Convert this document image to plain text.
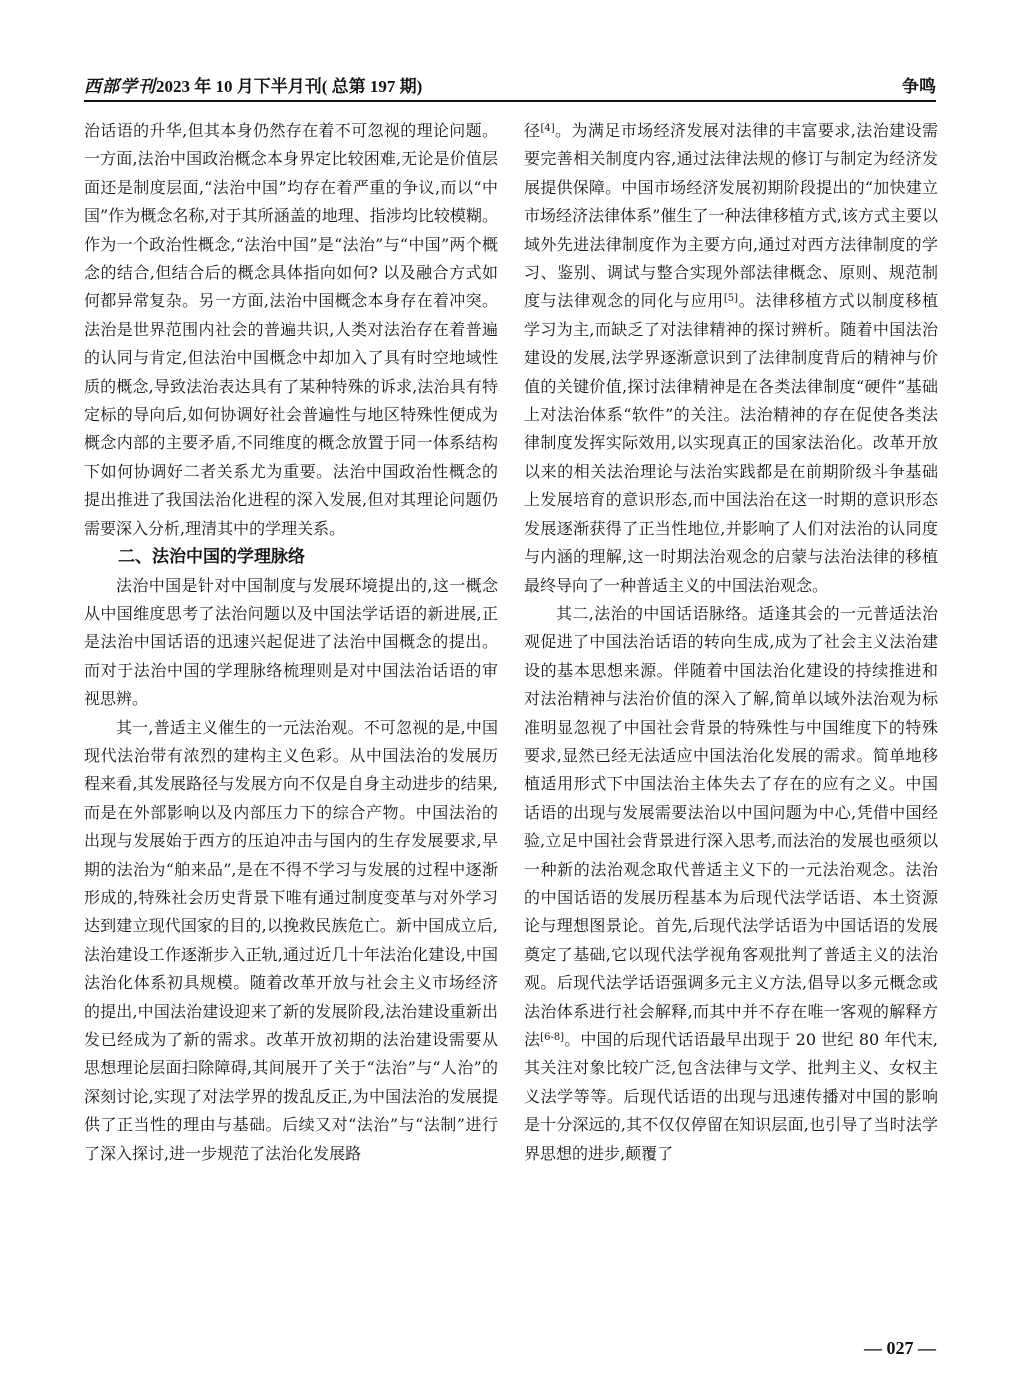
西部学刊 2023 年 10 月下半月刊( 总第 197 期)	争鸣

治话语的升华,但其本身仍然存在着不可忽视的理论问题。一方面,法治中国政治概念本身界定比较困难,无论是价值层面还是制度层面,“法治中国”均存在着严重的争议,而以“中国”作为概念名称,对于其所涵盖的地理、指涉均比较模糊。作为一个政治性概念,“法治中国”是“法治”与“中国”两个概念的结合,但结合后的概念具体指向如何? 以及融合方式如何都异常复杂。另一方面,法治中国概念本身存在着冲突。法治是世界范围内社会的普遍共识,人类对法治存在着普遍的认同与肯定,但法治中国概念中却加入了具有时空地域性质的概念,导致法治表达具有了某种特殊的诉求,法治具有特定标的导向后,如何协调好社会普遍性与地区特殊性便成为概念内部的主要矛盾,不同维度的概念放置于同一体系结构下如何协调好二者关系尤为重要。法治中国政治性概念的提出推进了我国法治化进程的深入发展,但对其理论问题仍需要深入分析,理清其中的学理关系。

二、法治中国的学理脉络

法治中国是针对中国制度与发展环境提出的,这一概念从中国维度思考了法治问题以及中国法学话语的新进展,正是法治中国话语的迅速兴起促进了法治中国概念的提出。而对于法治中国的学理脉络梳理则是对中国法治话语的审视思辨。

其一,普适主义催生的一元法治观。不可忽视的是,中国现代法治带有浓烈的建构主义色彩。从中国法治的发展历程来看,其发展路径与发展方向不仅是自身主动进步的结果,而是在外部影响以及内部压力下的综合产物。中国法治的出现与发展始于西方的压迫冲击与国内的生存发展要求,早期的法治为“舶来品”,是在不得不学习与发展的过程中逐渐形成的,特殊社会历史背景下唯有通过制度变革与对外学习达到建立现代国家的目的,以挽救民族危亡。新中国成立后,法治建设工作逐渐步入正轨,通过近几十年法治化建设,中国法治化体系初具规模。随着改革开放与社会主义市场经济的提出,中国法治建设迎来了新的发展阶段,法治建设重新出发已经成为了新的需求。改革开放初期的法治建设需要从思想理论层面扫除障碍,其间展开了关于“法治”与“人治”的深刻讨论,实现了对法学界的拨乱反正,为中国法治的发展提供了正当性的理由与基础。后续又对“法治”与“法制”进行了深入探讨,进一步规范了法治化发展路

径[4]。为满足市场经济发展对法律的丰富要求,法治建设需要完善相关制度内容,通过法律法规的修订与制定为经济发展提供保障。中国市场经济发展初期阶段提出的“加快建立市场经济法律体系”催生了一种法律移植方式,该方式主要以域外先进法律制度作为主要方向,通过对西方法律制度的学习、鉴别、调试与整合实现外部法律概念、原则、规范制度与法律观念的同化与应用[5]。法律移植方式以制度移植学习为主,而缺乏了对法律精神的探讨辨析。随着中国法治建设的发展,法学界逐渐意识到了法律制度背后的精神与价值的关键价值,探讨法律精神是在各类法律制度“硬件”基础上对法治体系“软件”的关注。法治精神的存在促使各类法律制度发挥实际效用,以实现真正的国家法治化。改革开放以来的相关法治理论与法治实践都是在前期阶级斗争基础上发展培育的意识形态,而中国法治在这一时期的意识形态发展逐渐获得了正当性地位,并影响了人们对法治的认同度与内涵的理解,这一时期法治观念的启蒙与法治法律的移植最终导向了一种普适主义的中国法治观念。

其二,法治的中国话语脉络。适逢其会的一元普适法治观促进了中国法治话语的转向生成,成为了社会主义法治建设的基本思想来源。伴随着中国法治化建设的持续推进和对法治精神与法治价值的深入了解,简单以域外法治观为标准明显忽视了中国社会背景的特殊性与中国维度下的特殊要求,显然已经无法适应中国法治化发展的需求。简单地移植适用形式下中国法治主体失去了存在的应有之义。中国话语的出现与发展需要法治以中国问题为中心,凭借中国经验,立足中国社会背景进行深入思考,而法治的发展也亟须以一种新的法治观念取代普适主义下的一元法治观念。法治的中国话语的发展历程基本为后现代法学话语、本土资源论与理想图景论。首先,后现代法学话语为中国话语的发展奠定了基础,它以现代法学视角客观批判了普适主义的法治观。后现代法学话语强调多元主义方法,倡导以多元概念或法治体系进行社会解释,而其中并不存在唯一客观的解释方法[6-8]。中国的后现代话语最早出现于 20 世纪 80 年代末,其关注对象比较广泛,包含法律与文学、批判主义、女权主义法学等等。后现代话语的出现与迅速传播对中国的影响是十分深远的,其不仅仅停留在知识层面,也引导了当时法学界思想的进步,颠覆了

— 027 —
